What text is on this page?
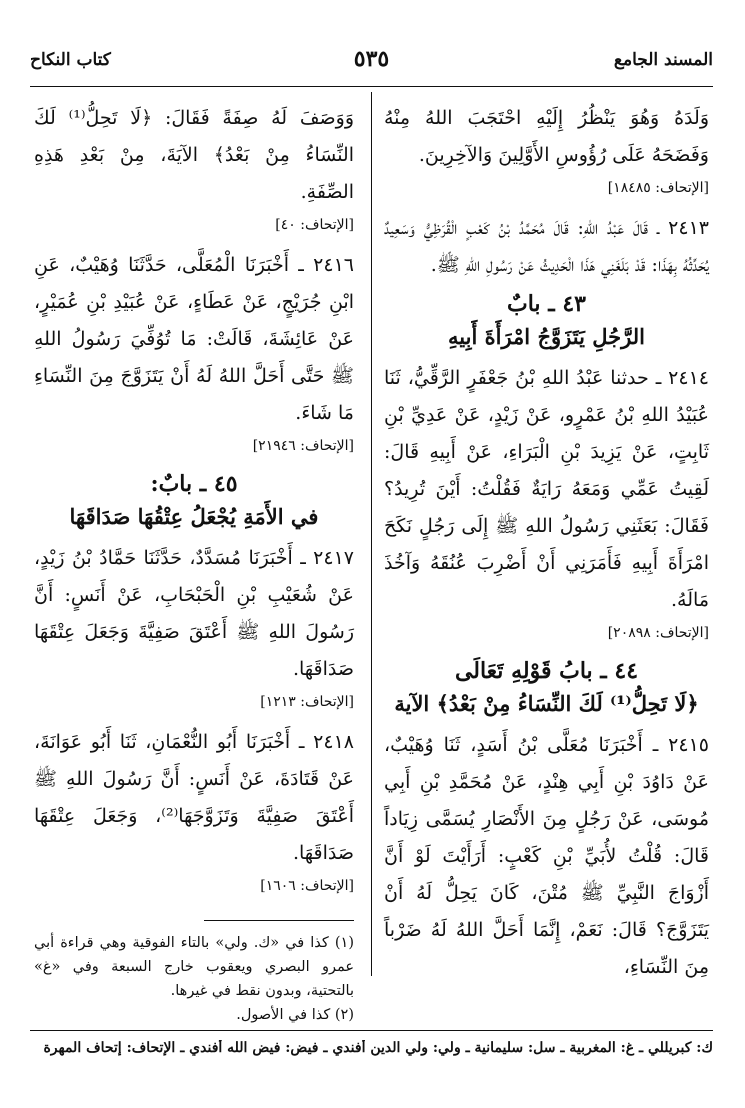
المسند الجامع
٥٣٥
كتاب النكاح

وَلَدَهُ وَهُوَ يَنْظُرُ إِلَيْهِ احْتَجَبَ اللهُ مِنْهُ وَفَضَحَهُ عَلَى رُؤُوسِ الأَوَّلِينَ وَالآخِرِينَ.

[الإتحاف: ١٨٤٨٥]

٢٤١٣ ـ قَالَ عَبْدُ اللهِ: قَالَ مُحَمَّدُ بْنُ كَعْبٍ الْقُرَظِيُّ وَسَعِيدٌ يُحَدِّثُهُ بِهَذَا: قَدْ بَلَغَنِي هَذَا الْحَدِيثُ عَنْ رَسُولِ اللهِ ﷺ.

٤٣ ـ بابٌ
الرَّجُلِ يَتَزَوَّجُ امْرَأَةَ أَبِيهِ

٢٤١٤ ـ حدثنا عَبْدُ اللهِ بْنُ جَعْفَرٍ الرَّقِّيُّ، ثَنَا عُبَيْدُ اللهِ بْنُ عَمْرٍو، عَنْ زَيْدٍ، عَنْ عَدِيِّ بْنِ ثَابِتٍ، عَنْ يَزِيدَ بْنِ الْبَرَاءِ، عَنْ أَبِيهِ قَالَ: لَقِيتُ عَمِّي وَمَعَهُ رَايَةٌ فَقُلْتُ: أَيْنَ تُرِيدُ؟ فَقَالَ: بَعَثَنِي رَسُولُ اللهِ ﷺ إِلَى رَجُلٍ نَكَحَ امْرَأَةَ أَبِيهِ فَأَمَرَنِي أَنْ أَضْرِبَ عُنُقَهُ وَآخُذَ مَالَهُ.

[الإتحاف: ٢٠٨٩٨]
٤٤ ـ بابُ قَوْلِهِ تَعَالَى
﴿لَا تَحِلُّ⁽¹⁾ لَكَ النِّسَاءُ مِنْ بَعْدُ﴾ الآية

٢٤١٥ ـ أَخْبَرَنَا مُعَلَّى بْنُ أَسَدٍ، ثَنَا وُهَيْبٌ، عَنْ دَاوُدَ بْنِ أَبِي هِنْدٍ، عَنْ مُحَمَّدِ بْنِ أَبِي مُوسَى، عَنْ رَجُلٍ مِنَ الأَنْصَارِ يُسَمَّى زِيَاداً قَالَ: قُلْتُ لأُبَيِّ بْنِ كَعْبٍ: أَرَأَيْتَ لَوْ أَنَّ أَزْوَاجَ النَّبِيِّ ﷺ مُتْنَ، كَانَ يَحِلُّ لَهُ أَنْ يَتَزَوَّجَ؟ قَالَ: نَعَمْ، إِنَّمَا أَحَلَّ اللهُ لَهُ ضَرْباً مِنَ النِّسَاءِ،

وَوَصَفَ لَهُ صِفَةً فَقَالَ: ﴿لَا تَحِلُّ⁽¹⁾ لَكَ النِّسَاءُ مِنْ بَعْدُ﴾ الآيَةَ، مِنْ بَعْدِ هَذِهِ الصِّفَةِ.

[الإتحاف: ٤٠]

٢٤١٦ ـ أَخْبَرَنَا الْمُعَلَّى، حَدَّثَنَا وُهَيْبٌ، عَنِ ابْنِ جُرَيْجٍ، عَنْ عَطَاءٍ، عَنْ عُبَيْدِ بْنِ عُمَيْرٍ، عَنْ عَائِشَةَ، قَالَتْ: مَا تُوُفِّيَ رَسُولُ اللهِ ﷺ حَتَّى أَحَلَّ اللهُ لَهُ أَنْ يَتَزَوَّجَ مِنَ النِّسَاءِ مَا شَاءَ.

[الإتحاف: ٢١٩٤٦]
٤٥ ـ بابٌ:
في الأَمَةِ يُجْعَلُ عِتْقُهَا صَدَاقَهَا

٢٤١٧ ـ أَخْبَرَنَا مُسَدَّدٌ، حَدَّثَنَا حَمَّادُ بْنُ زَيْدٍ، عَنْ شُعَيْبِ بْنِ الْحَبْحَابِ، عَنْ أَنَسٍ: أَنَّ رَسُولَ اللهِ ﷺ أَعْتَقَ صَفِيَّةَ وَجَعَلَ عِتْقَهَا صَدَاقَهَا.

[الإتحاف: ١٢١٣]

٢٤١٨ ـ أَخْبَرَنَا أَبُو النُّعْمَانِ، ثَنَا أَبُو عَوَانَةَ، عَنْ قَتَادَةَ، عَنْ أَنَسٍ: أَنَّ رَسُولَ اللهِ ﷺ أَعْتَقَ صَفِيَّةَ وَتَزَوَّجَهَا⁽²⁾، وَجَعَلَ عِتْقَهَا صَدَاقَهَا.

[الإتحاف: ١٦٠٦]

(١) كذا في «ك. ولي» بالتاء الفوقية وهي قراءة أبي عمرو البصري ويعقوب خارج السبعة وفي «غ» بالتحتية، وبدون نقط في غيرها.

(٢) كذا في الأصول.

ك: كبريللي ـ غ: المغربية ـ سل: سليمانية ـ ولي: ولي الدين أفندي ـ فيض: فيض الله أفندي ـ الإتحاف: إتحاف المهرة
